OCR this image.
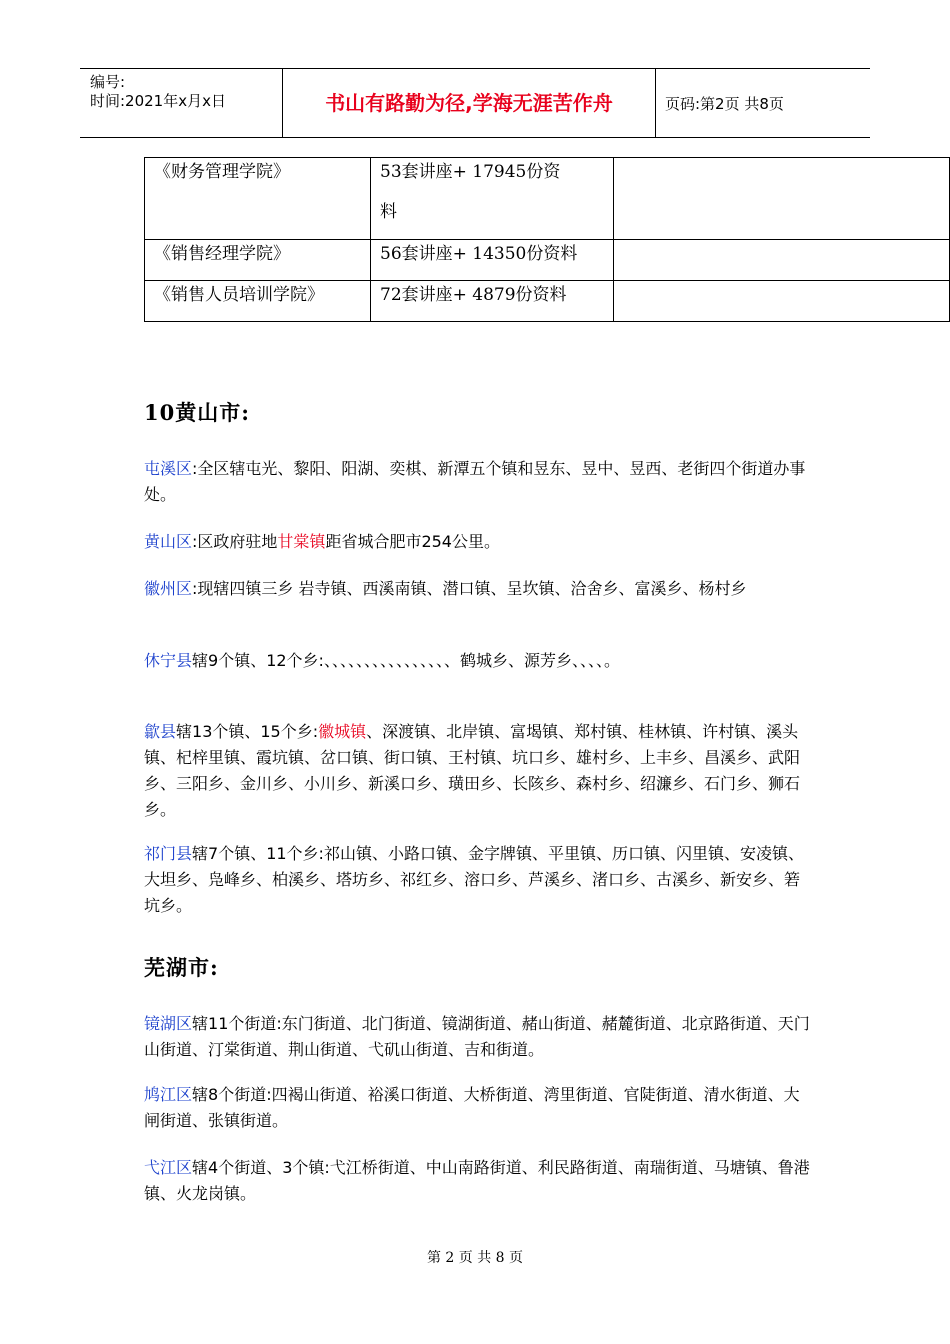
编号:
时间:2021年x月x日	书山有路勤为径,学海无涯苦作舟	页码:第2页 共8页
《财务管理学院》	53套讲座+ 17945份资
料	

《销售经理学院》	56套讲座+ 14350份资料	
《销售人员培训学院》	72套讲座+ 4879份资料	
10黄山市:
屯溪区:全区辖屯光、黎阳、阳湖、奕棋、新潭五个镇和昱东、昱中、昱西、老街四个街道办事处。
黄山区:区政府驻地甘棠镇距省城合肥市254公里。
徽州区:现辖四镇三乡 岩寺镇、西溪南镇、潜口镇、呈坎镇、洽舍乡、富溪乡、杨村乡
休宁县辖9个镇、12个乡:、、、、、、、、、、、、、、、、鹤城乡、源芳乡、、、、。
歙县辖13个镇、15个乡:徽城镇、深渡镇、北岸镇、富堨镇、郑村镇、桂林镇、许村镇、溪头镇、杞梓里镇、霞坑镇、岔口镇、街口镇、王村镇、坑口乡、雄村乡、上丰乡、昌溪乡、武阳乡、三阳乡、金川乡、小川乡、新溪口乡、璜田乡、长陔乡、森村乡、绍濂乡、石门乡、狮石乡。
祁门县辖7个镇、11个乡:祁山镇、小路口镇、金字牌镇、平里镇、历口镇、闪里镇、安凌镇、大坦乡、凫峰乡、柏溪乡、塔坊乡、祁红乡、溶口乡、芦溪乡、渚口乡、古溪乡、新安乡、箬坑乡。
芜湖市:
镜湖区辖11个街道:东门街道、北门街道、镜湖街道、赭山街道、赭麓街道、北京路街道、天门山街道、汀棠街道、荆山街道、弋矶山街道、吉和街道。
鸠江区辖8个街道:四褐山街道、裕溪口街道、大桥街道、湾里街道、官陡街道、清水街道、大闸街道、张镇街道。
弋江区辖4个街道、3个镇:弋江桥街道、中山南路街道、利民路街道、南瑞街道、马塘镇、鲁港镇、火龙岗镇。
第 2 页 共 8 页
